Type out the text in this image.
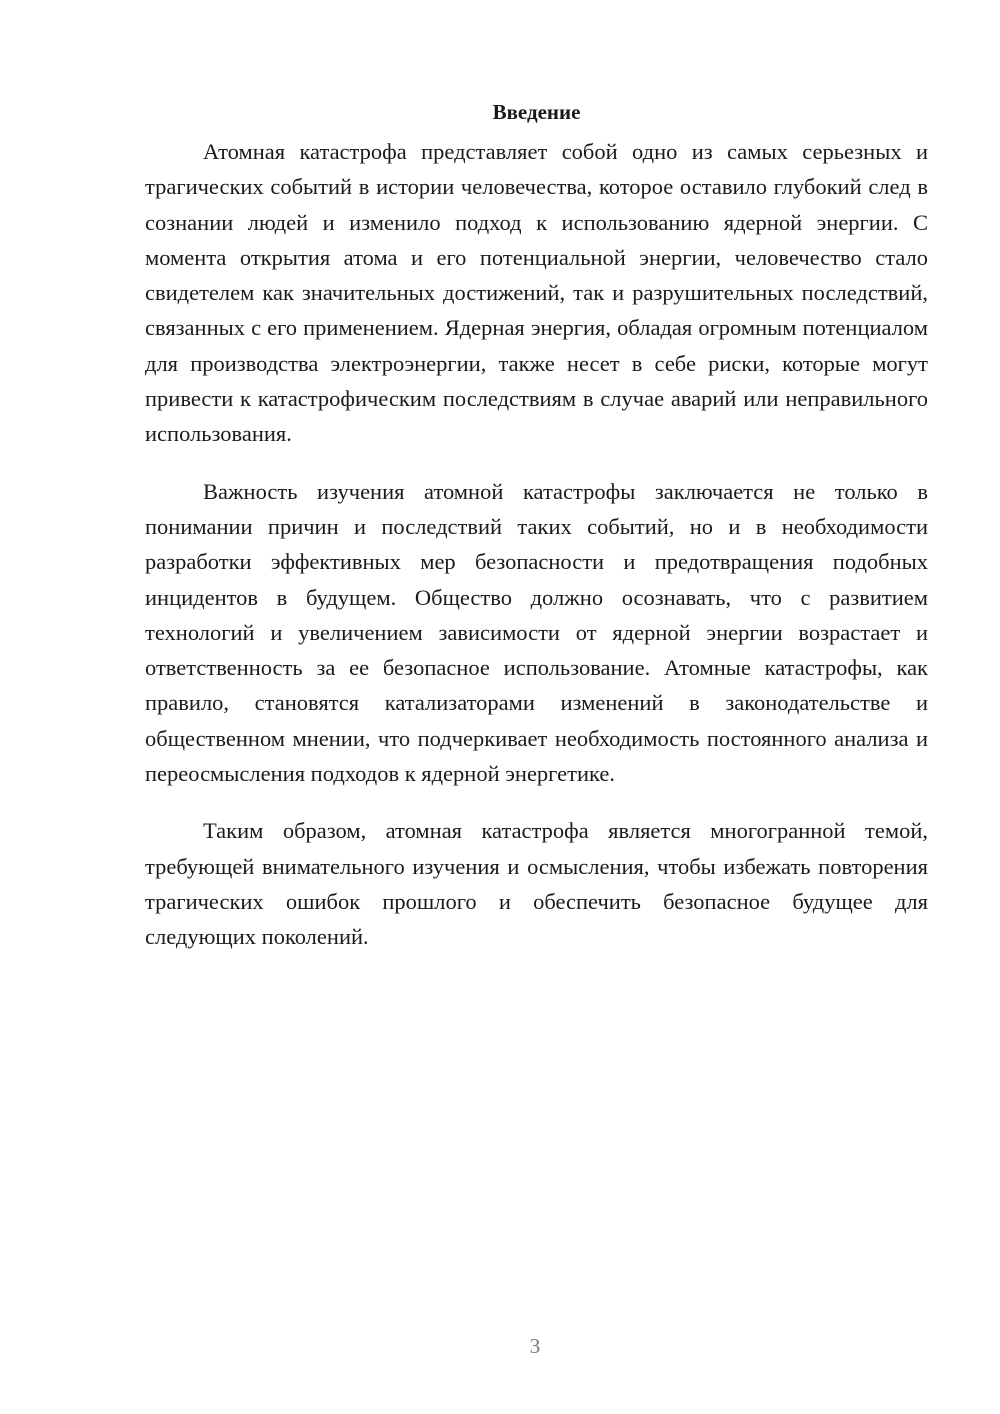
Введение

Атомная катастрофа представляет собой одно из самых серьезных и трагических событий в истории человечества, которое оставило глубокий след в сознании людей и изменило подход к использованию ядерной энергии. С момента открытия атома и его потенциальной энергии, человечество стало свидетелем как значительных достижений, так и разрушительных последствий, связанных с его применением. Ядерная энергия, обладая огромным потенциалом для производства электроэнергии, также несет в себе риски, которые могут привести к катастрофическим последствиям в случае аварий или неправильного использования.

Важность изучения атомной катастрофы заключается не только в понимании причин и последствий таких событий, но и в необходимости разработки эффективных мер безопасности и предотвращения подобных инцидентов в будущем. Общество должно осознавать, что с развитием технологий и увеличением зависимости от ядерной энергии возрастает и ответственность за ее безопасное использование. Атомные катастрофы, как правило, становятся катализаторами изменений в законодательстве и общественном мнении, что подчеркивает необходимость постоянного анализа и переосмысления подходов к ядерной энергетике.

Таким образом, атомная катастрофа является многогранной темой, требующей внимательного изучения и осмысления, чтобы избежать повторения трагических ошибок прошлого и обеспечить безопасное будущее для следующих поколений.

3
